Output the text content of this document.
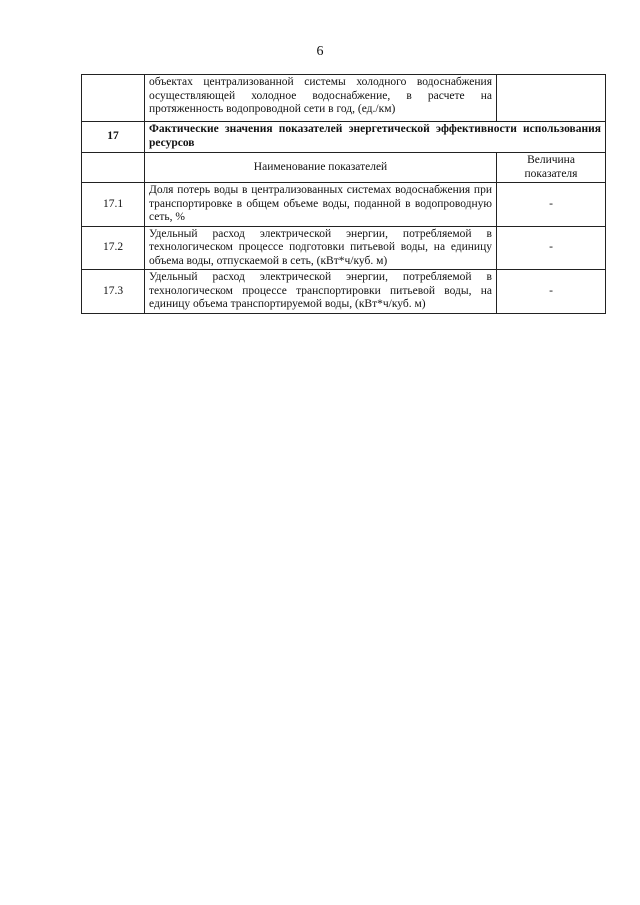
6
	объектах централизованной системы холодного водоснабжения осуществляющей холодное водоснабжение, в расчете на протяженность водопроводной сети в год, (ед./км)	
17	Фактические значения показателей энергетической эффективности использования ресурсов	

	Наименование показателей	Величина показателя
17.1	Доля потерь воды в централизованных системах водоснабжения при транспортировке в общем объеме воды, поданной в водопроводную сеть, %	-
17.2	Удельный расход электрической энергии, потребляемой в технологическом процессе подготовки питьевой воды, на единицу объема воды, отпускаемой в сеть, (кВт*ч/куб. м)	-
17.3	Удельный расход электрической энергии, потребляемой в технологическом процессе транспортировки питьевой воды, на единицу объема транспортируемой воды, (кВт*ч/куб. м)	-
